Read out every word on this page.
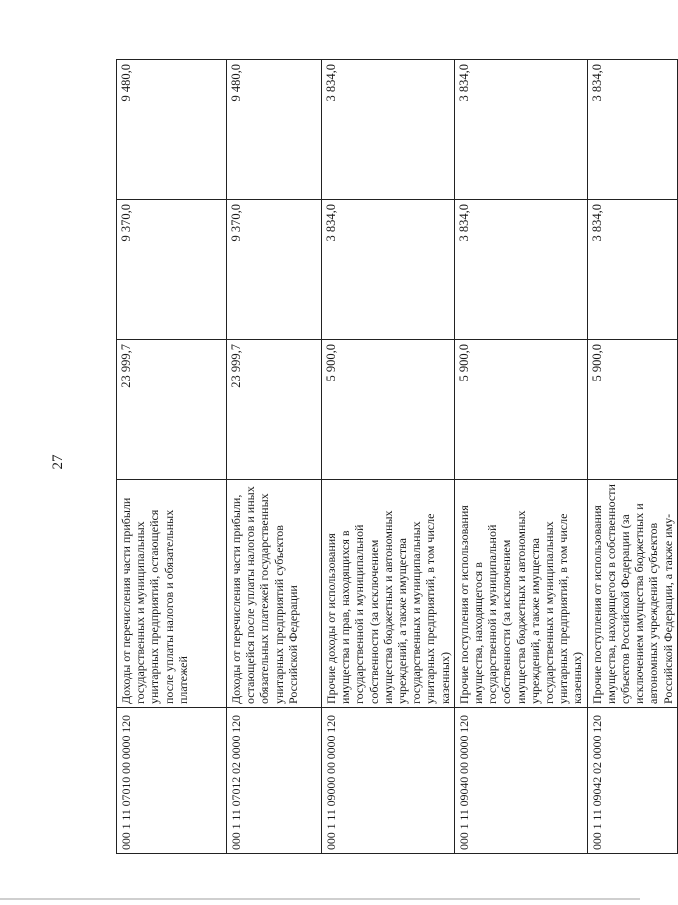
27
000 1 11 07010 00 0000 120	Доходы от перечисления части прибыли государственных и муниципальных унитарных предприятий, остающейся после уплаты налогов и обязательных платежей	23 999,7	9 370,0	9 480,0
000 1 11 07012 02 0000 120	Доходы от перечисления части прибыли, остающейся после уплаты налогов и иных обязательных платежей государственных унитарных предприятий субъектов Российской Федерации	23 999,7	9 370,0	9 480,0
000 1 11 09000 00 0000 120	Прочие доходы от использования имущества и прав, находящихся в государственной и муниципальной собственности (за исключением имущества бюджетных и автономных учреждений, а также имущества государственных и муниципальных унитарных предприятий, в том числе казенных)	5 900,0	3 834,0	3 834,0
000 1 11 09040 00 0000 120	Прочие поступления от использования имущества, находящегося в государственной и муниципальной собственности (за исключением имущества бюджетных и автономных учреждений, а также имущества государственных и муниципальных унитарных предприятий, в том числе казенных)	5 900,0	3 834,0	3 834,0
000 1 11 09042 02 0000 120	Прочие поступления от использования имущества, находящегося в собственности субъектов Российской Федерации (за исключением имущества бюджетных и автономных учреждений субъектов Российской Федерации, а также иму-	5 900,0	3 834,0	3 834,0
